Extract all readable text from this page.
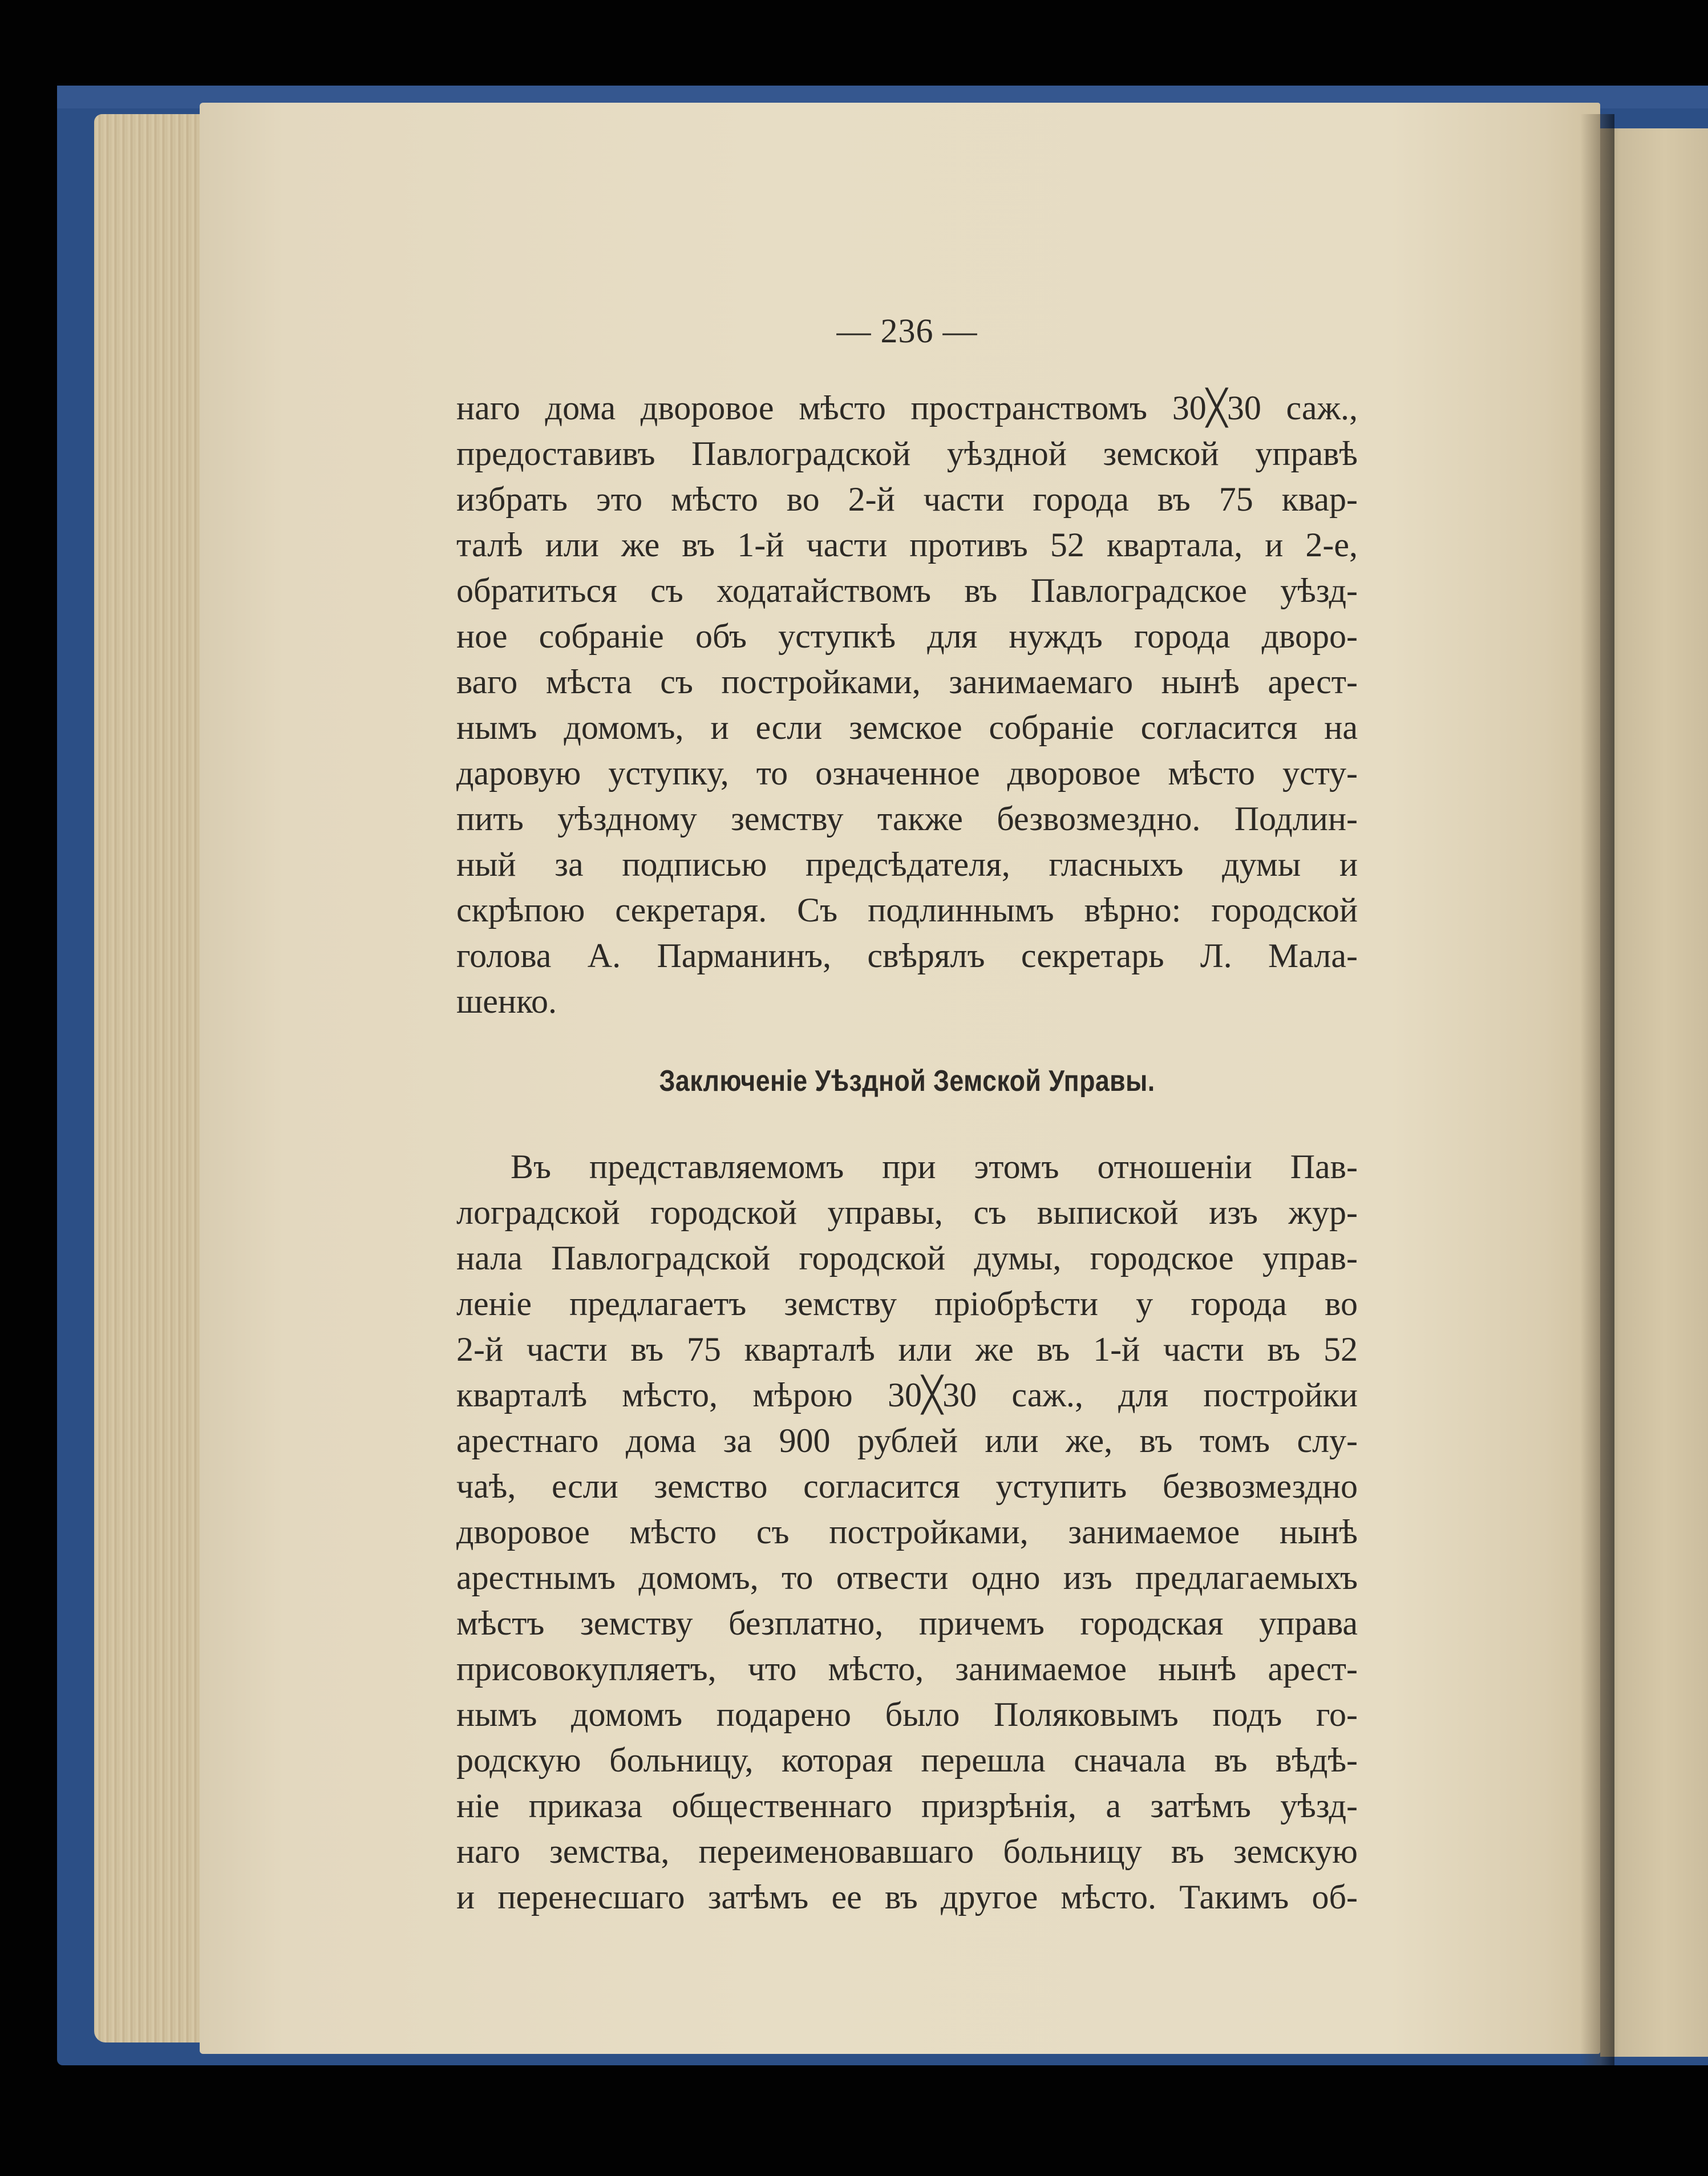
— 236 —
наго дома дворовое мѣсто пространствомъ 30╳30 саж.,
предоставивъ Павлоградской уѣздной земской управѣ
избрать это мѣсто во 2-й части города въ 75 квар-
талѣ или же въ 1-й части противъ 52 квартала, и 2-е,
обратиться съ ходатайствомъ въ Павлоградское уѣзд-
ное собраніе объ уступкѣ для нуждъ города дворо-
ваго мѣста съ постройками, занимаемаго нынѣ арест-
нымъ домомъ, и если земское собраніе согласится на
даровую уступку, то означенное дворовое мѣсто усту-
пить уѣздному земству также безвозмездно. Подлин-
ный за подписью предсѣдателя, гласныхъ думы и
скрѣпою секретаря. Съ подлиннымъ вѣрно: городской
голова А. Парманинъ, свѣрялъ секретарь Л. Мала-
шенко.
Заключеніе Уѣздной Земской Управы.
Въ представляемомъ при этомъ отношеніи Пав-
лоградской городской управы, съ выпиской изъ жур-
нала Павлоградской городской думы, городское управ-
леніе предлагаетъ земству пріобрѣсти у города во
2-й части въ 75 кварталѣ или же въ 1-й части въ 52
кварталѣ мѣсто, мѣрою 30╳30 саж., для постройки
арестнаго дома за 900 рублей или же, въ томъ слу-
чаѣ, если земство согласится уступить безвозмездно
дворовое мѣсто съ постройками, занимаемое нынѣ
арестнымъ домомъ, то отвести одно изъ предлагаемыхъ
мѣстъ земству безплатно, причемъ городская управа
присовокупляетъ, что мѣсто, занимаемое нынѣ арест-
нымъ домомъ подарено было Поляковымъ подъ го-
родскую больницу, которая перешла сначала въ вѣдѣ-
ніе приказа общественнаго призрѣнія, а затѣмъ уѣзд-
наго земства, переименовавшаго больницу въ земскую
и перенесшаго затѣмъ ее въ другое мѣсто. Такимъ об-
